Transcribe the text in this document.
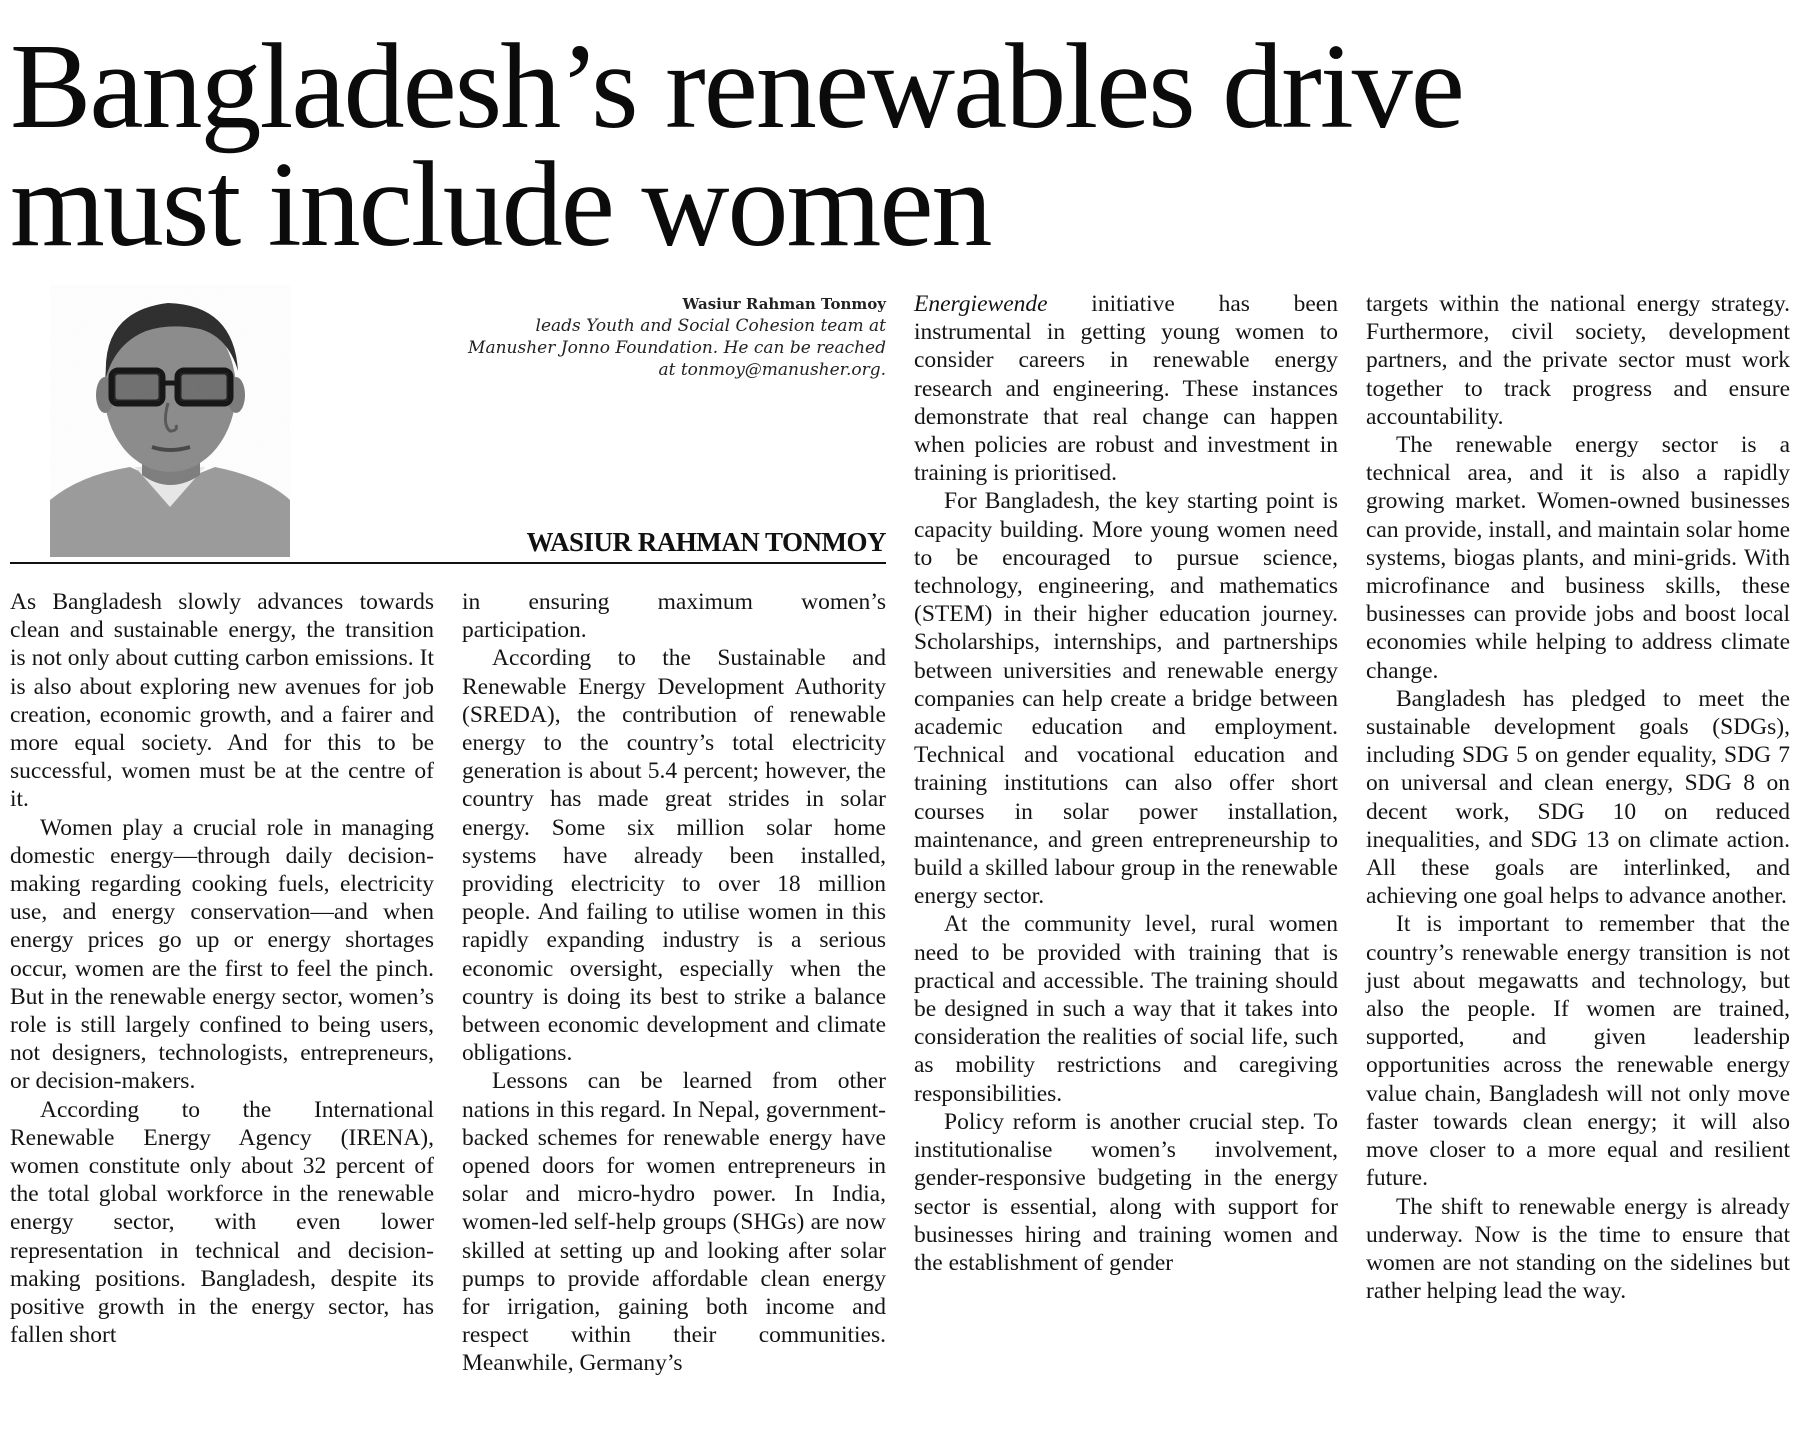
Bangladesh’s renewables drive
must include women
Wasiur Rahman Tonmoy
leads Youth and Social Cohesion team at Manusher Jonno Foundation. He can be reached at tonmoy@manusher.org.
WASIUR RAHMAN TONMOY

As Bangladesh slowly advances towards clean and sustainable energy, the transition is not only about cutting carbon emissions. It is also about exploring new avenues for job creation, economic growth, and a fairer and more equal society. And for this to be successful, women must be at the centre of it.

Women play a crucial role in managing domestic energy—through daily decision-making regarding cooking fuels, electricity use, and energy conservation—and when energy prices go up or energy shortages occur, women are the first to feel the pinch. But in the renewable energy sector, women’s role is still largely confined to being users, not designers, technologists, entrepreneurs, or decision-makers.

According to the International Renewable Energy Agency (IRENA), women constitute only about 32 percent of the total global workforce in the renewable energy sector, with even lower representation in technical and decision-making positions. Bangladesh, despite its positive growth in the energy sector, has fallen short

in ensuring maximum women’s participation.

According to the Sustainable and Renewable Energy Development Authority (SREDA), the contribution of renewable energy to the country’s total electricity generation is about 5.4 percent; however, the country has made great strides in solar energy. Some six million solar home systems have already been installed, providing electricity to over 18 million people. And failing to utilise women in this rapidly expanding industry is a serious economic oversight, especially when the country is doing its best to strike a balance between economic development and climate obligations.

Lessons can be learned from other nations in this regard. In Nepal, government-backed schemes for renewable energy have opened doors for women entrepreneurs in solar and micro-hydro power. In India, women-led self-help groups (SHGs) are now skilled at setting up and looking after solar pumps to provide affordable clean energy for irrigation, gaining both income and respect within their communities. Meanwhile, Germany’s

Energiewende initiative has been instrumental in getting young women to consider careers in renewable energy research and engineering. These instances demonstrate that real change can happen when policies are robust and investment in training is prioritised.

For Bangladesh, the key starting point is capacity building. More young women need to be encouraged to pursue science, technology, engineering, and mathematics (STEM) in their higher education journey. Scholarships, internships, and partnerships between universities and renewable energy companies can help create a bridge between academic education and employment. Technical and vocational education and training institutions can also offer short courses in solar power installation, maintenance, and green entrepreneurship to build a skilled labour group in the renewable energy sector.

At the community level, rural women need to be provided with training that is practical and accessible. The training should be designed in such a way that it takes into consideration the realities of social life, such as mobility restrictions and caregiving responsibilities.

Policy reform is another crucial step. To institutionalise women’s involvement, gender-responsive budgeting in the energy sector is essential, along with support for businesses hiring and training women and the establishment of gender

targets within the national energy strategy. Furthermore, civil society, development partners, and the private sector must work together to track progress and ensure accountability.

The renewable energy sector is a technical area, and it is also a rapidly growing market. Women-owned businesses can provide, install, and maintain solar home systems, biogas plants, and mini-grids. With microfinance and business skills, these businesses can provide jobs and boost local economies while helping to address climate change.

Bangladesh has pledged to meet the sustainable development goals (SDGs), including SDG 5 on gender equality, SDG 7 on universal and clean energy, SDG 8 on decent work, SDG 10 on reduced inequalities, and SDG 13 on climate action. All these goals are interlinked, and achieving one goal helps to advance another.

It is important to remember that the country’s renewable energy transition is not just about megawatts and technology, but also the people. If women are trained, supported, and given leadership opportunities across the renewable energy value chain, Bangladesh will not only move faster towards clean energy; it will also move closer to a more equal and resilient future.

The shift to renewable energy is already underway. Now is the time to ensure that women are not standing on the sidelines but rather helping lead the way.
